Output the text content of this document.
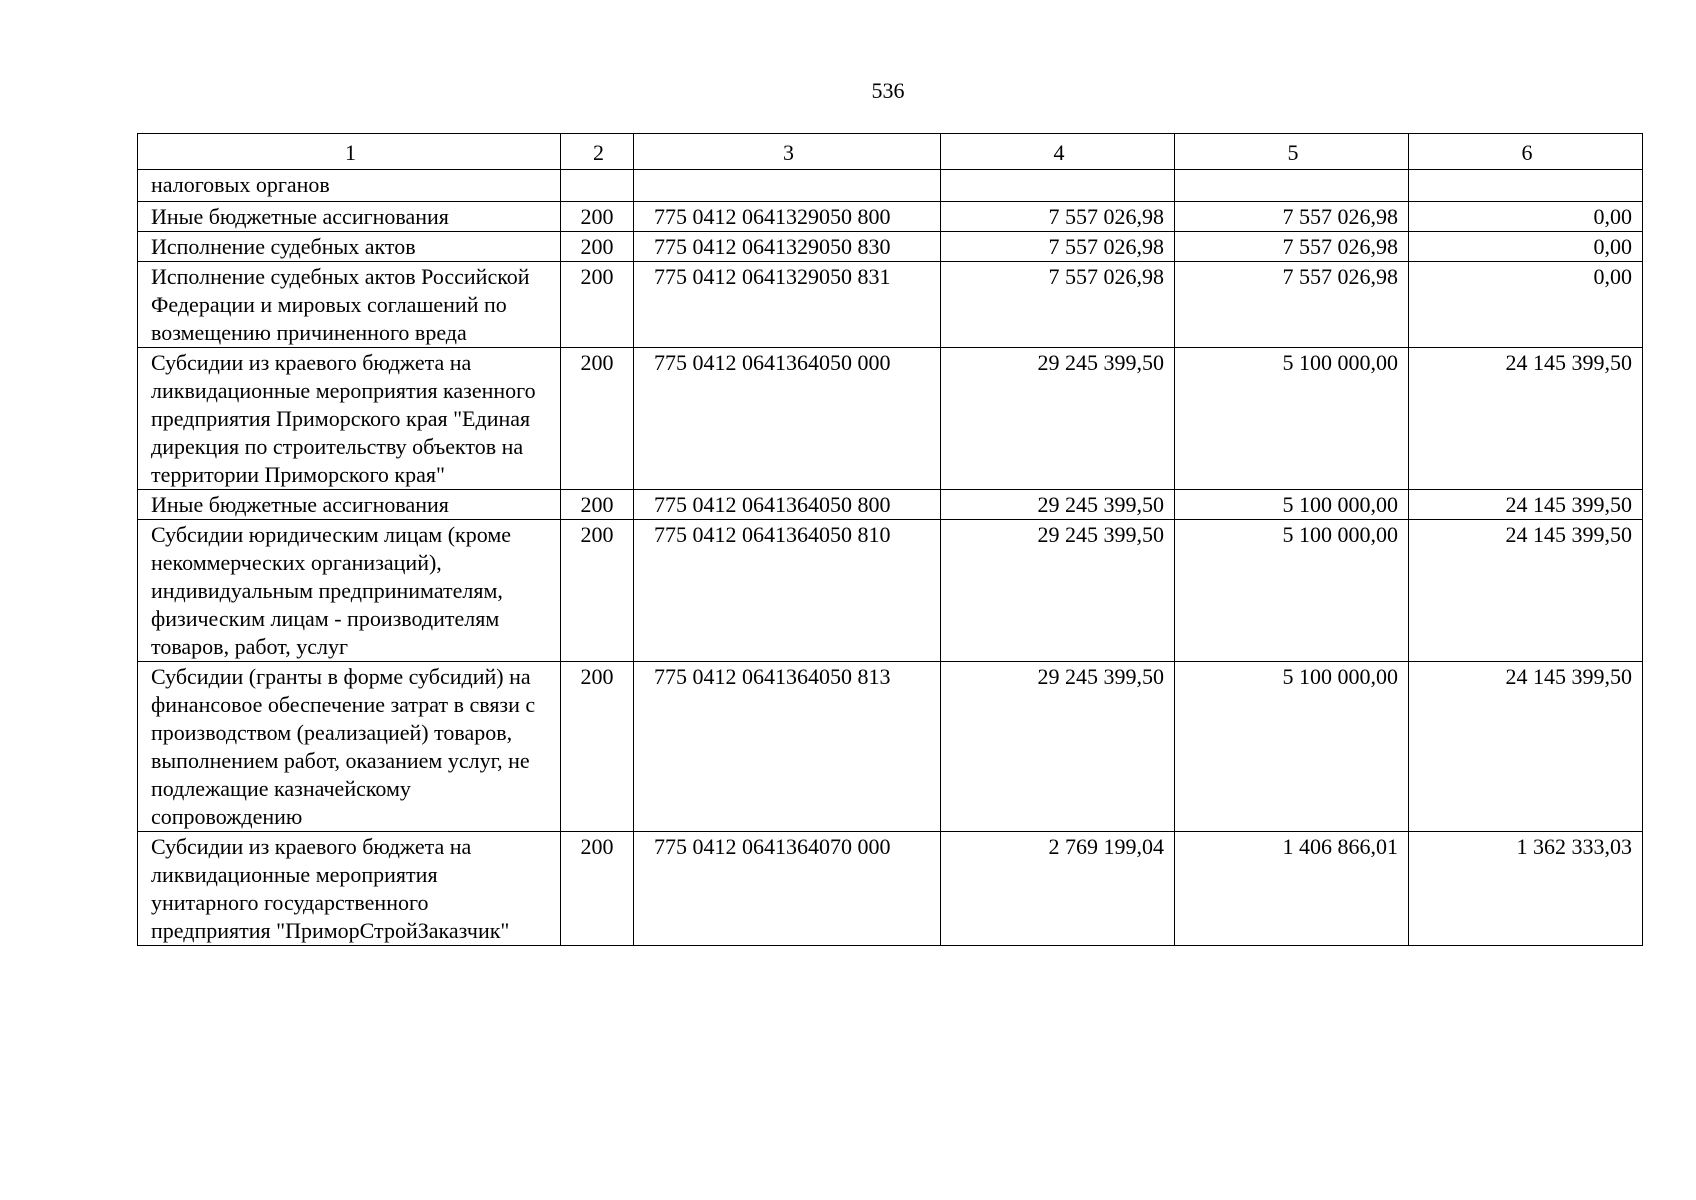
536
1	2	3	4	5	6
налоговых органов					
Иные бюджетные ассигнования	200	775 0412 0641329050 800	7 557 026,98	7 557 026,98	0,00
Исполнение судебных актов	200	775 0412 0641329050 830	7 557 026,98	7 557 026,98	0,00
Исполнение судебных актов Российской Федерации и мировых соглашений по возмещению причиненного вреда	200	775 0412 0641329050 831	7 557 026,98	7 557 026,98	0,00
Субсидии из краевого бюджета на ликвидационные мероприятия казенного предприятия Приморского края "Единая дирекция по строительству объектов на территории Приморского края"	200	775 0412 0641364050 000	29 245 399,50	5 100 000,00	24 145 399,50
Иные бюджетные ассигнования	200	775 0412 0641364050 800	29 245 399,50	5 100 000,00	24 145 399,50
Субсидии юридическим лицам (кроме некоммерческих организаций), индивидуальным предпринимателям, физическим лицам - производителям товаров, работ, услуг	200	775 0412 0641364050 810	29 245 399,50	5 100 000,00	24 145 399,50
Субсидии (гранты в форме субсидий) на финансовое обеспечение затрат в связи с производством (реализацией) товаров, выполнением работ, оказанием услуг, не подлежащие казначейскому сопровождению	200	775 0412 0641364050 813	29 245 399,50	5 100 000,00	24 145 399,50
Субсидии из краевого бюджета на ликвидационные мероприятия унитарного государственного предприятия "ПриморСтройЗаказчик"	200	775 0412 0641364070 000	2 769 199,04	1 406 866,01	1 362 333,03
